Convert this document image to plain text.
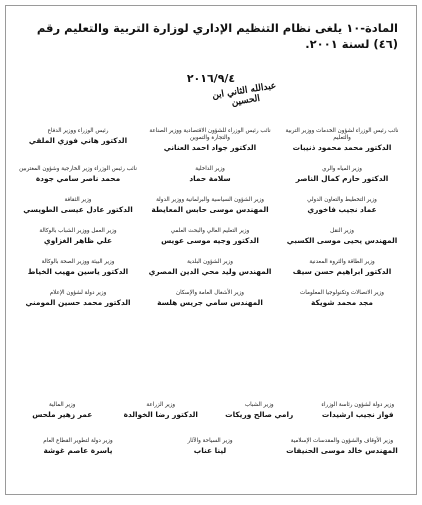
المادة-١٠ يلغى نظام التنظيم الإداري لوزارة التربية والتعليم رقم (٤٦) لسنة ٢٠٠١.
٢٠١٦/٩/٤
عبدالله الثاني ابن الحسين
نائب رئيس الوزراء لشؤون الخدمات ووزير التربية والتعليم
الدكتور محمد محمود ذنيبات
نائب رئيس الوزراء للشؤون الاقتصادية ووزير الصناعة والتجارة والتموين
الدكتور جواد احمد العناني
رئيس الوزراء ووزير الدفاع
الدكتور هاني فوزي الملقي
وزير المياه والري
الدكتور حازم كمال الناصر
وزير الداخلية
سلامة حماد
نائب رئيس الوزراء وزير الخارجية وشؤون المغتربين
محمد ناصر سامي جودة
وزير التخطيط والتعاون الدولي
عماد نجيب فاخوري
وزير الشؤون السياسية والبرلمانية ووزير الدولة
المهندس موسى حابس المعايطة
وزير الثقافة
الدكتور عادل عيسى الطويسي
وزير النقل
المهندس يحيى موسى الكسبي
وزير التعليم العالي والبحث العلمي
الدكتور وجيه موسى عويس
وزير العمل ووزير الشباب بالوكالة
علي ظاهر الغزاوي
وزير الطاقة والثروة المعدنية
الدكتور ابراهيم حسن سيف
وزير الشؤون البلدية
المهندس وليد محي الدين المصري
وزير البيئة ووزير الصحة بالوكالة
الدكتور ياسين مهيب الخياط
وزير الاتصالات وتكنولوجيا المعلومات
مجد محمد شويكة
وزير الأشغال العامة والإسكان
المهندس سامي جريس هلسة
وزير دولة لشؤون الإعلام
الدكتور محمد حسين المومني
وزير دولة لشؤون رئاسة الوزراء
فواز نجيب ارشيدات
وزير الشباب
رامي صالح وريكات
وزير الزراعة
الدكتور رضا الخوالدة
وزير المالية
عمر زهير ملحس
وزير الأوقاف والشؤون والمقدسات الإسلامية
المهندس خالد موسى الحنيفات
وزير السياحة والآثار
لينا عناب
وزير دولة لتطوير القطاع العام
ياسرة عاصم غوشة
